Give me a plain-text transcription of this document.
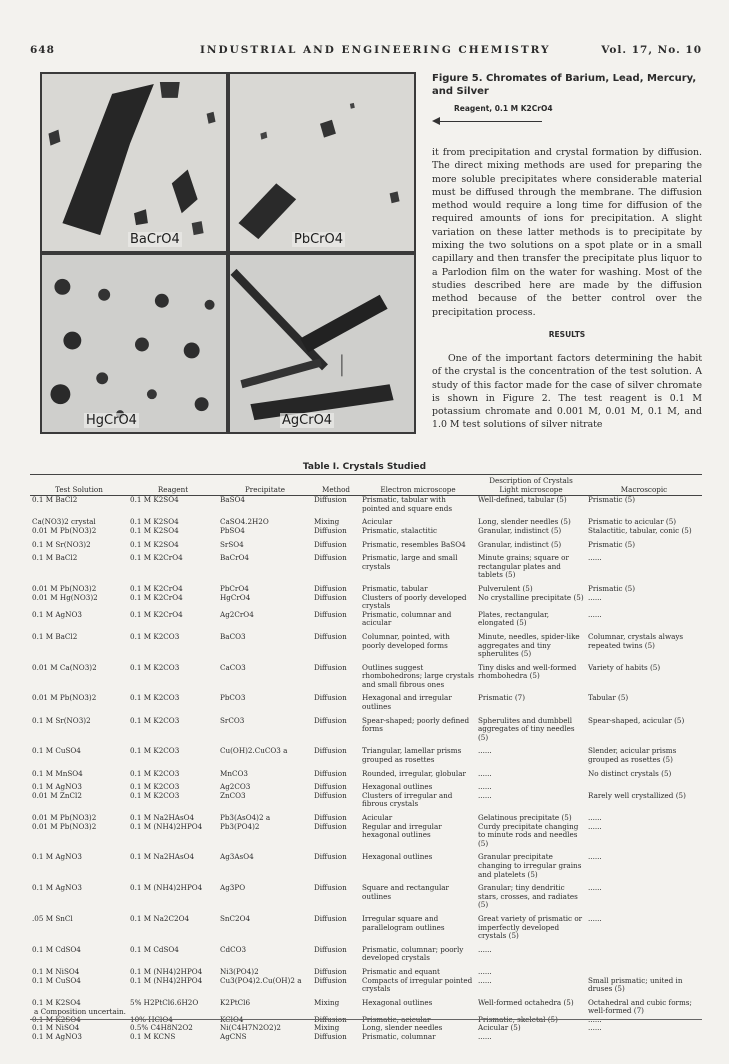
648	INDUSTRIAL AND ENGINEERING CHEMISTRY	Vol. 17, No. 10
BaCrO4	PbCrO4
HgCrO4	AgCrO4
Figure 5. Chromates of Barium, Lead, Mercury, and Silver
Reagent, 0.1 M K2CrO4

it from precipitation and crystal formation by diffusion. The direct mixing methods are used for preparing the more soluble precipitates where considerable material must be diffused through the membrane. The diffusion method would require a long time for diffusion of the required amounts of ions for precipitation. A slight variation on these latter methods is to precipitate by mixing the two solutions on a spot plate or in a small capillary and then transfer the precipitate plus liquor to a Parlodion film on the water for washing. Most of the studies described here are made by the diffusion method because of the better control over the precipitation process.

RESULTS

One of the important factors determining the habit of the crystal is the concentration of the test solution. A study of this factor made for the case of silver chromate is shown in Figure 2. The test reagent is 0.1 M potassium chromate and 0.001 M, 0.01 M, 0.1 M, and 1.0 M test solutions of silver nitrate

Table I. Crystals Studied
				Description of Crystals		
Test Solution	Reagent	Precipitate	Method	Electron microscope	Light microscope	Macroscopic
0.1 M BaCl2	0.1 M K2SO4	BaSO4	Diffusion	Prismatic, tabular with pointed and square ends	Well-defined, tabular (5)	Prismatic (5)
Ca(NO3)2 crystal	0.1 M K2SO4	CaSO4.2H2O	Mixing	Acicular	Long, slender needles (5)	Prismatic to acicular (5)
0.01 M Pb(NO3)2	0.1 M K2SO4	PbSO4	Diffusion	Prismatic, stalactitic	Granular, indistinct (5)	Stalactitic, tabular, conic (5)
0.1 M Sr(NO3)2	0.1 M K2SO4	SrSO4	Diffusion	Prismatic, resembles BaSO4	Granular, indistinct (5)	Prismatic (5)
0.1 M BaCl2	0.1 M K2CrO4	BaCrO4	Diffusion	Prismatic, large and small crystals	Minute grains; square or rectangular plates and tablets (5)	......
0.01 M Pb(NO3)2	0.1 M K2CrO4	PbCrO4	Diffusion	Prismatic, tabular	Pulverulent (5)	Prismatic (5)
0.01 M Hg(NO3)2	0.1 M K2CrO4	HgCrO4	Diffusion	Clusters of poorly developed crystals	No crystalline precipitate (5)	......
0.1 M AgNO3	0.1 M K2CrO4	Ag2CrO4	Diffusion	Prismatic, columnar and acicular	Plates, rectangular, elongated (5)	......
0.1 M BaCl2	0.1 M K2CO3	BaCO3	Diffusion	Columnar, pointed, with poorly developed forms	Minute, needles, spider-like aggregates and tiny spherulites (5)	Columnar, crystals always repeated twins (5)
0.01 M Ca(NO3)2	0.1 M K2CO3	CaCO3	Diffusion	Outlines suggest rhombohedrons; large crystals and small fibrous ones	Tiny disks and well-formed rhombohedra (5)	Variety of habits (5)
0.01 M Pb(NO3)2	0.1 M K2CO3	PbCO3	Diffusion	Hexagonal and irregular outlines	Prismatic (7)	Tabular (5)
0.1 M Sr(NO3)2	0.1 M K2CO3	SrCO3	Diffusion	Spear-shaped; poorly defined forms	Spherulites and dumbbell aggregates of tiny needles (5)	Spear-shaped, acicular (5)
0.1 M CuSO4	0.1 M K2CO3	Cu(OH)2.CuCO3 a	Diffusion	Triangular, lamellar prisms grouped as rosettes	......	Slender, acicular prisms grouped as rosettes (5)
0.1 M MnSO4	0.1 M K2CO3	MnCO3	Diffusion	Rounded, irregular, globular	......	No distinct crystals (5)
0.1 M AgNO3	0.1 M K2CO3	Ag2CO3	Diffusion	Hexagonal outlines	......	
0.01 M ZnCl2	0.1 M K2CO3	ZnCO3	Diffusion	Clusters of irregular and fibrous crystals	......	Rarely well crystallized (5)
0.01 M Pb(NO3)2	0.1 M Na2HAsO4	Pb3(AsO4)2 a	Diffusion	Acicular	Gelatinous precipitate (5)	......
0.01 M Pb(NO3)2	0.1 M (NH4)2HPO4	Pb3(PO4)2	Diffusion	Regular and irregular hexagonal outlines	Curdy precipitate changing to minute rods and needles (5)	......
0.1 M AgNO3	0.1 M Na2HAsO4	Ag3AsO4	Diffusion	Hexagonal outlines	Granular precipitate changing to irregular grains and platelets (5)	......
0.1 M AgNO3	0.1 M (NH4)2HPO4	Ag3PO	Diffusion	Square and rectangular outlines	Granular; tiny dendritic stars, crosses, and radiates (5)	......
.05 M SnCl	0.1 M Na2C2O4	SnC2O4	Diffusion	Irregular square and parallelogram outlines	Great variety of prismatic or imperfectly developed crystals (5)	......
0.1 M CdSO4	0.1 M CdSO4	CdCO3	Diffusion	Prismatic, columnar; poorly developed crystals	......	
0.1 M NiSO4	0.1 M (NH4)2HPO4	Ni3(PO4)2	Diffusion	Prismatic and equant	......	
0.1 M CuSO4	0.1 M (NH4)2HPO4	Cu3(PO4)2.Cu(OH)2 a	Diffusion	Compacts of irregular pointed crystals	......	Small prismatic; united in druses (5)
0.1 M K2SO4	5% H2PtCl6.6H2O	K2PtCl6	Mixing	Hexagonal outlines	Well-formed octahedra (5)	Octahedral and cubic forms; well-formed (7)
0.1 M K2SO4	10% HClO4	KClO4	Diffusion	Prismatic, acicular	Prismatic, skeletal (5)	......
0.1 M NiSO4	0.5% C4H8N2O2	Ni(C4H7N2O2)2	Mixing	Long, slender needles	Acicular (5)	......
0.1 M AgNO3	0.1 M KCNS	AgCNS	Diffusion	Prismatic, columnar	......	
a Composition uncertain.
